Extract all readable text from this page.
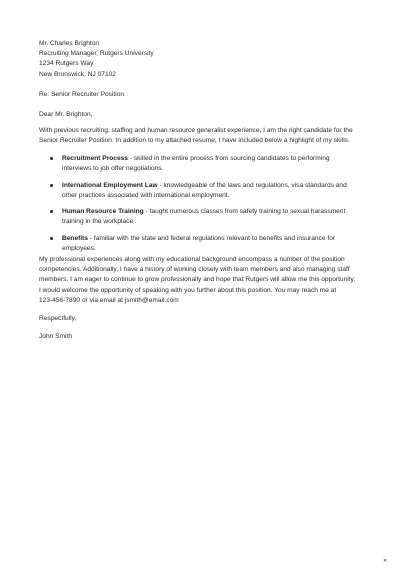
Mr. Charles Brighton
Recruiting Manager, Rutgers University
1234 Rutgers Way
New Brunswick, NJ 07102
Re: Senior Recruiter Position
Dear Mr. Brighton,
With previous recruiting, staffing and human resource generalist experience, I am the right candidate for the
Senior Recruiter Position. In addition to my attached resume, I have included below a highlight of my skills.
Recruitment Process - skilled in the entire process from sourcing candidates to performing
interviews to job offer negotiations.
International Employment Law - knowledgeable of the laws and regulations, visa standards and
other practices associated with international employment.
Human Resource Training - taught numerous classes from safety training to sexual harassment
training in the workplace .
Benefits - familiar with the state and federal regulations relevant to benefits and insurance for
employees.
My professional experiences along with my educational background encompass a number of the position
competencies. Additionally, I have a history of working closely with team members and also managing staff
members. I am eager to continue to grow professionally and hope that Rutgers will allow me this opportunity.
I would welcome the opportunity of speaking with you further about this position. You may reach me at
123-456-7890 or via email at jsmith@email.com
Respectfully,
John Smith
✕
